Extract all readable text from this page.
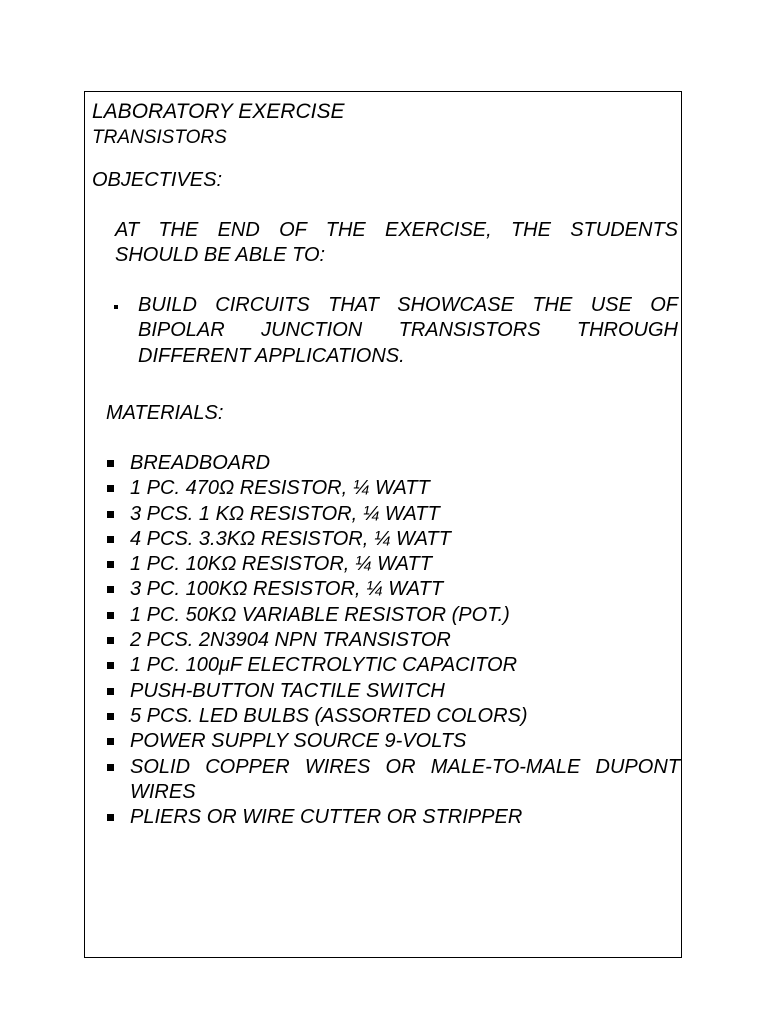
LABORATORY EXERCISE
TRANSISTORS
OBJECTIVES:
AT THE END OF THE EXERCISE, THE STUDENTS
SHOULD BE ABLE TO:
BUILD CIRCUITS THAT SHOWCASE THE USE OF
BIPOLAR JUNCTION TRANSISTORS THROUGH
DIFFERENT APPLICATIONS.
MATERIALS:
BREADBOARD
1 PC. 470Ω RESISTOR, ¼ WATT
3 PCS. 1 KΩ RESISTOR, ¼ WATT
4 PCS. 3.3KΩ RESISTOR, ¼ WATT
1 PC. 10KΩ RESISTOR, ¼ WATT
3 PC. 100KΩ RESISTOR, ¼ WATT
1 PC. 50KΩ VARIABLE RESISTOR (POT.)
2 PCS. 2N3904 NPN TRANSISTOR
1 PC. 100μF ELECTROLYTIC CAPACITOR
PUSH-BUTTON TACTILE SWITCH
5 PCS. LED BULBS (ASSORTED COLORS)
POWER SUPPLY SOURCE 9-VOLTS
SOLID COPPER WIRES OR MALE-TO-MALE DUPONT
WIRES
PLIERS OR WIRE CUTTER OR STRIPPER
